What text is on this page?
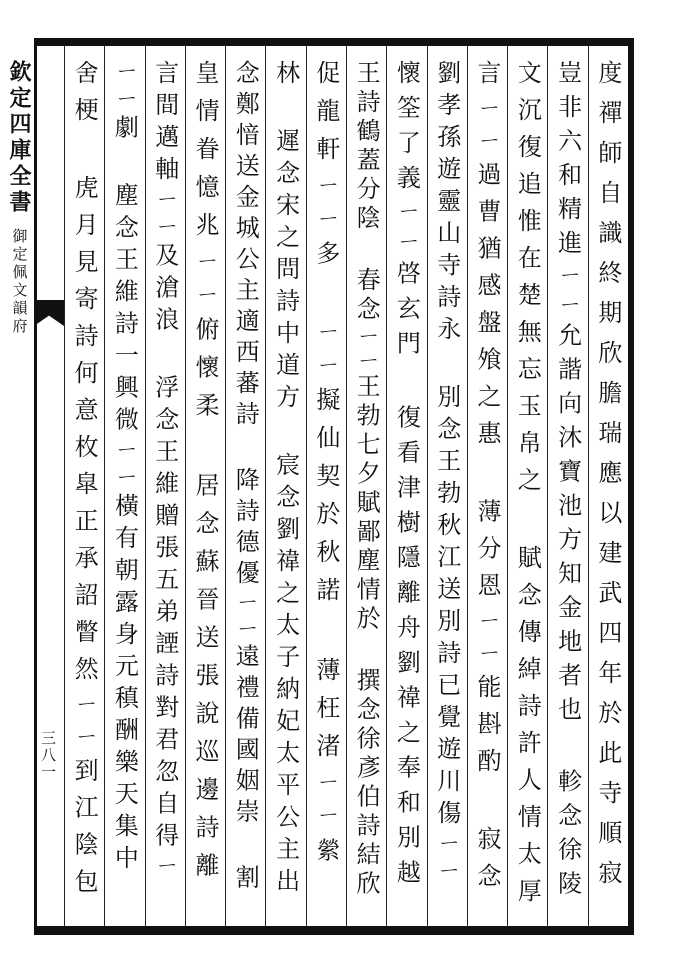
欽定四庫全書
御定佩文韻府
三八一	度禪師自識終期欣膽瑞應以建武四年於此寺順寂
豈非六和精進ㄧㄧ允諧向沐寶池方知金地者也 軫念徐陵
文沉復追惟在楚無忘玉帛之 賦念傳綽詩許人情太厚
言ㄧㄧ過曹猶感盤飧之惠 薄分恩ㄧㄧ能斟酌 寂念
劉孝孫遊靈山寺詩永 別念王勃秋江送別詩已覺遊川傷ㄧㄧ
懷筌了義ㄧㄧ啓玄門 復看津樹隱離舟劉禕之奉和別越
王詩鶴蓋分陰 春念ㄧㄧ王勃七夕賦鄙塵情於 撰念徐彥伯詩結欣
促龍軒ㄧㄧ多 ㄧㄧ擬仙契於秋諾 薄枉渚ㄧㄧ縈
林 遲念宋之問詩中道方 宸念劉禕之太子納妃太平公主出
念鄭愔送金城公主適西蕃詩 降詩德優ㄧㄧ遠禮備國姻崇 割
皇情眷憶兆ㄧㄧ俯懷柔 居念蘇晉送張說巡邊詩離
言間邁軸ㄧㄧ及滄浪 浮念王維贈張五弟諲詩對君忽自得ㄧ
ㄧㄧ劇 塵念王維詩一興微ㄧㄧ橫有朝露身元稹酬樂天集中
舍梗 虎月見寄詩何意枚皐正承詔瞥然ㄧㄧ到江陰包
